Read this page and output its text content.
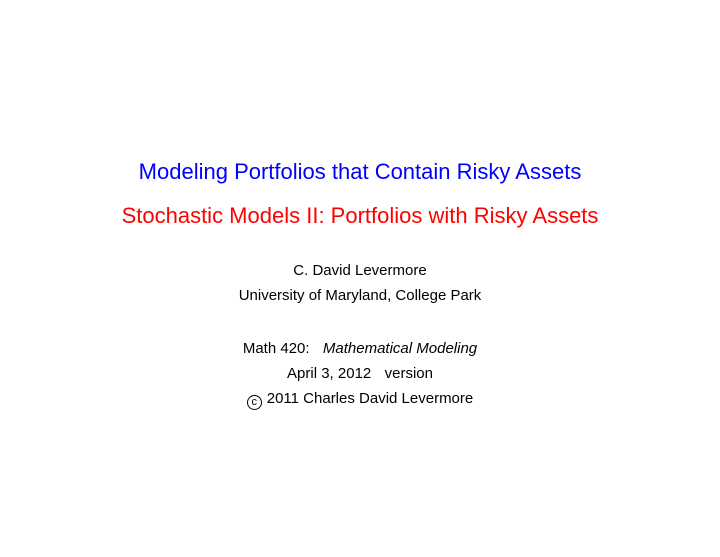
Modeling Portfolios that Contain Risky Assets
Stochastic Models II: Portfolios with Risky Assets
C. David Levermore
University of Maryland, College Park
Math 420: Mathematical Modeling
April 3, 2012 version
c 2011 Charles David Levermore
